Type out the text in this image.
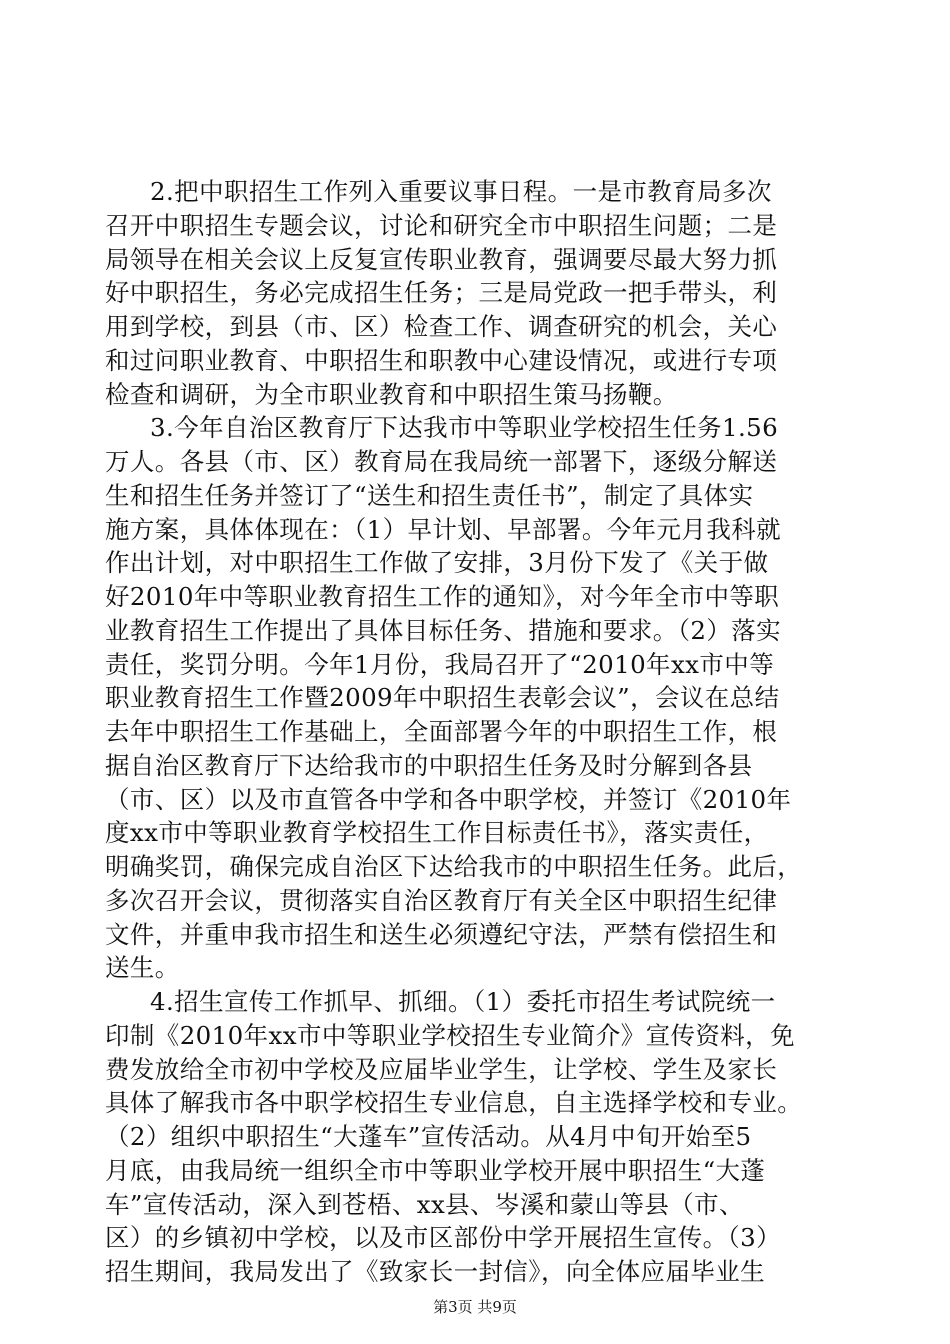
2.把中职招生工作列入重要议事日程。一是市教育局多次
召开中职招生专题会议，讨论和研究全市中职招生问题；二是
局领导在相关会议上反复宣传职业教育，强调要尽最大努力抓
好中职招生，务必完成招生任务；三是局党政一把手带头，利
用到学校，到县（市、区）检查工作、调查研究的机会，关心
和过问职业教育、中职招生和职教中心建设情况，或进行专项
检查和调研，为全市职业教育和中职招生策马扬鞭。
3.今年自治区教育厅下达我市中等职业学校招生任务1.56
万人。各县（市、区）教育局在我局统一部署下，逐级分解送
生和招生任务并签订了“送生和招生责任书”，制定了具体实
施方案，具体体现在：（1）早计划、早部署。今年元月我科就
作出计划，对中职招生工作做了安排，3月份下发了《关于做
好2010年中等职业教育招生工作的通知》，对今年全市中等职
业教育招生工作提出了具体目标任务、措施和要求。（2）落实
责任，奖罚分明。今年1月份，我局召开了“2010年xx市中等
职业教育招生工作暨2009年中职招生表彰会议”，会议在总结
去年中职招生工作基础上，全面部署今年的中职招生工作，根
据自治区教育厅下达给我市的中职招生任务及时分解到各县
（市、区）以及市直管各中学和各中职学校，并签订《2010年
度xx市中等职业教育学校招生工作目标责任书》，落实责任，
明确奖罚，确保完成自治区下达给我市的中职招生任务。此后，
多次召开会议，贯彻落实自治区教育厅有关全区中职招生纪律
文件，并重申我市招生和送生必须遵纪守法，严禁有偿招生和
送生。
4.招生宣传工作抓早、抓细。（1）委托市招生考试院统一
印制《2010年xx市中等职业学校招生专业简介》宣传资料，免
费发放给全市初中学校及应届毕业学生，让学校、学生及家长
具体了解我市各中职学校招生专业信息，自主选择学校和专业。
（2）组织中职招生“大蓬车”宣传活动。从4月中旬开始至5
月底，由我局统一组织全市中等职业学校开展中职招生“大蓬
车”宣传活动，深入到苍梧、xx县、岑溪和蒙山等县（市、
区）的乡镇初中学校，以及市区部份中学开展招生宣传。（3）
招生期间，我局发出了《致家长一封信》，向全体应届毕业生
第3页 共9页
